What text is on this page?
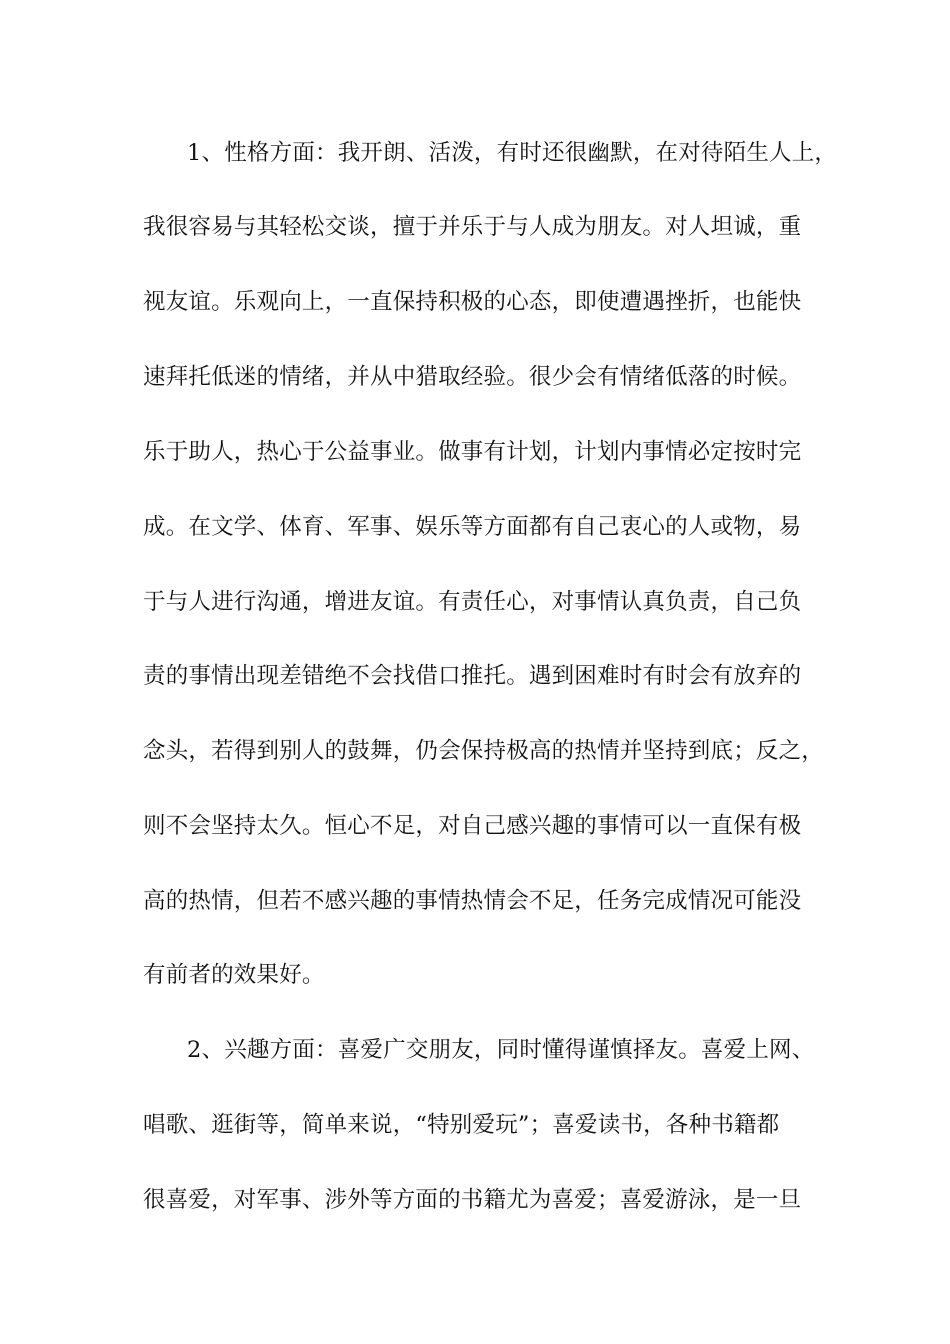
1、性格方面：我开朗、活泼，有时还很幽默，在对待陌生人上，
我很容易与其轻松交谈，擅于并乐于与人成为朋友。对人坦诚，重
视友谊。乐观向上，一直保持积极的心态，即使遭遇挫折，也能快
速拜托低迷的情绪，并从中猎取经验。很少会有情绪低落的时候。
乐于助人，热心于公益事业。做事有计划，计划内事情必定按时完
成。在文学、体育、军事、娱乐等方面都有自己衷心的人或物，易
于与人进行沟通，增进友谊。有责任心，对事情认真负责，自己负
责的事情出现差错绝不会找借口推托。遇到困难时有时会有放弃的
念头，若得到别人的鼓舞，仍会保持极高的热情并坚持到底；反之，
则不会坚持太久。恒心不足，对自己感兴趣的事情可以一直保有极
高的热情，但若不感兴趣的事情热情会不足，任务完成情况可能没
有前者的效果好。
2、兴趣方面：喜爱广交朋友，同时懂得谨慎择友。喜爱上网、
唱歌、逛街等，简单来说，“特别爱玩”；喜爱读书，各种书籍都
很喜爱，对军事、涉外等方面的书籍尤为喜爱；喜爱游泳，是一旦
